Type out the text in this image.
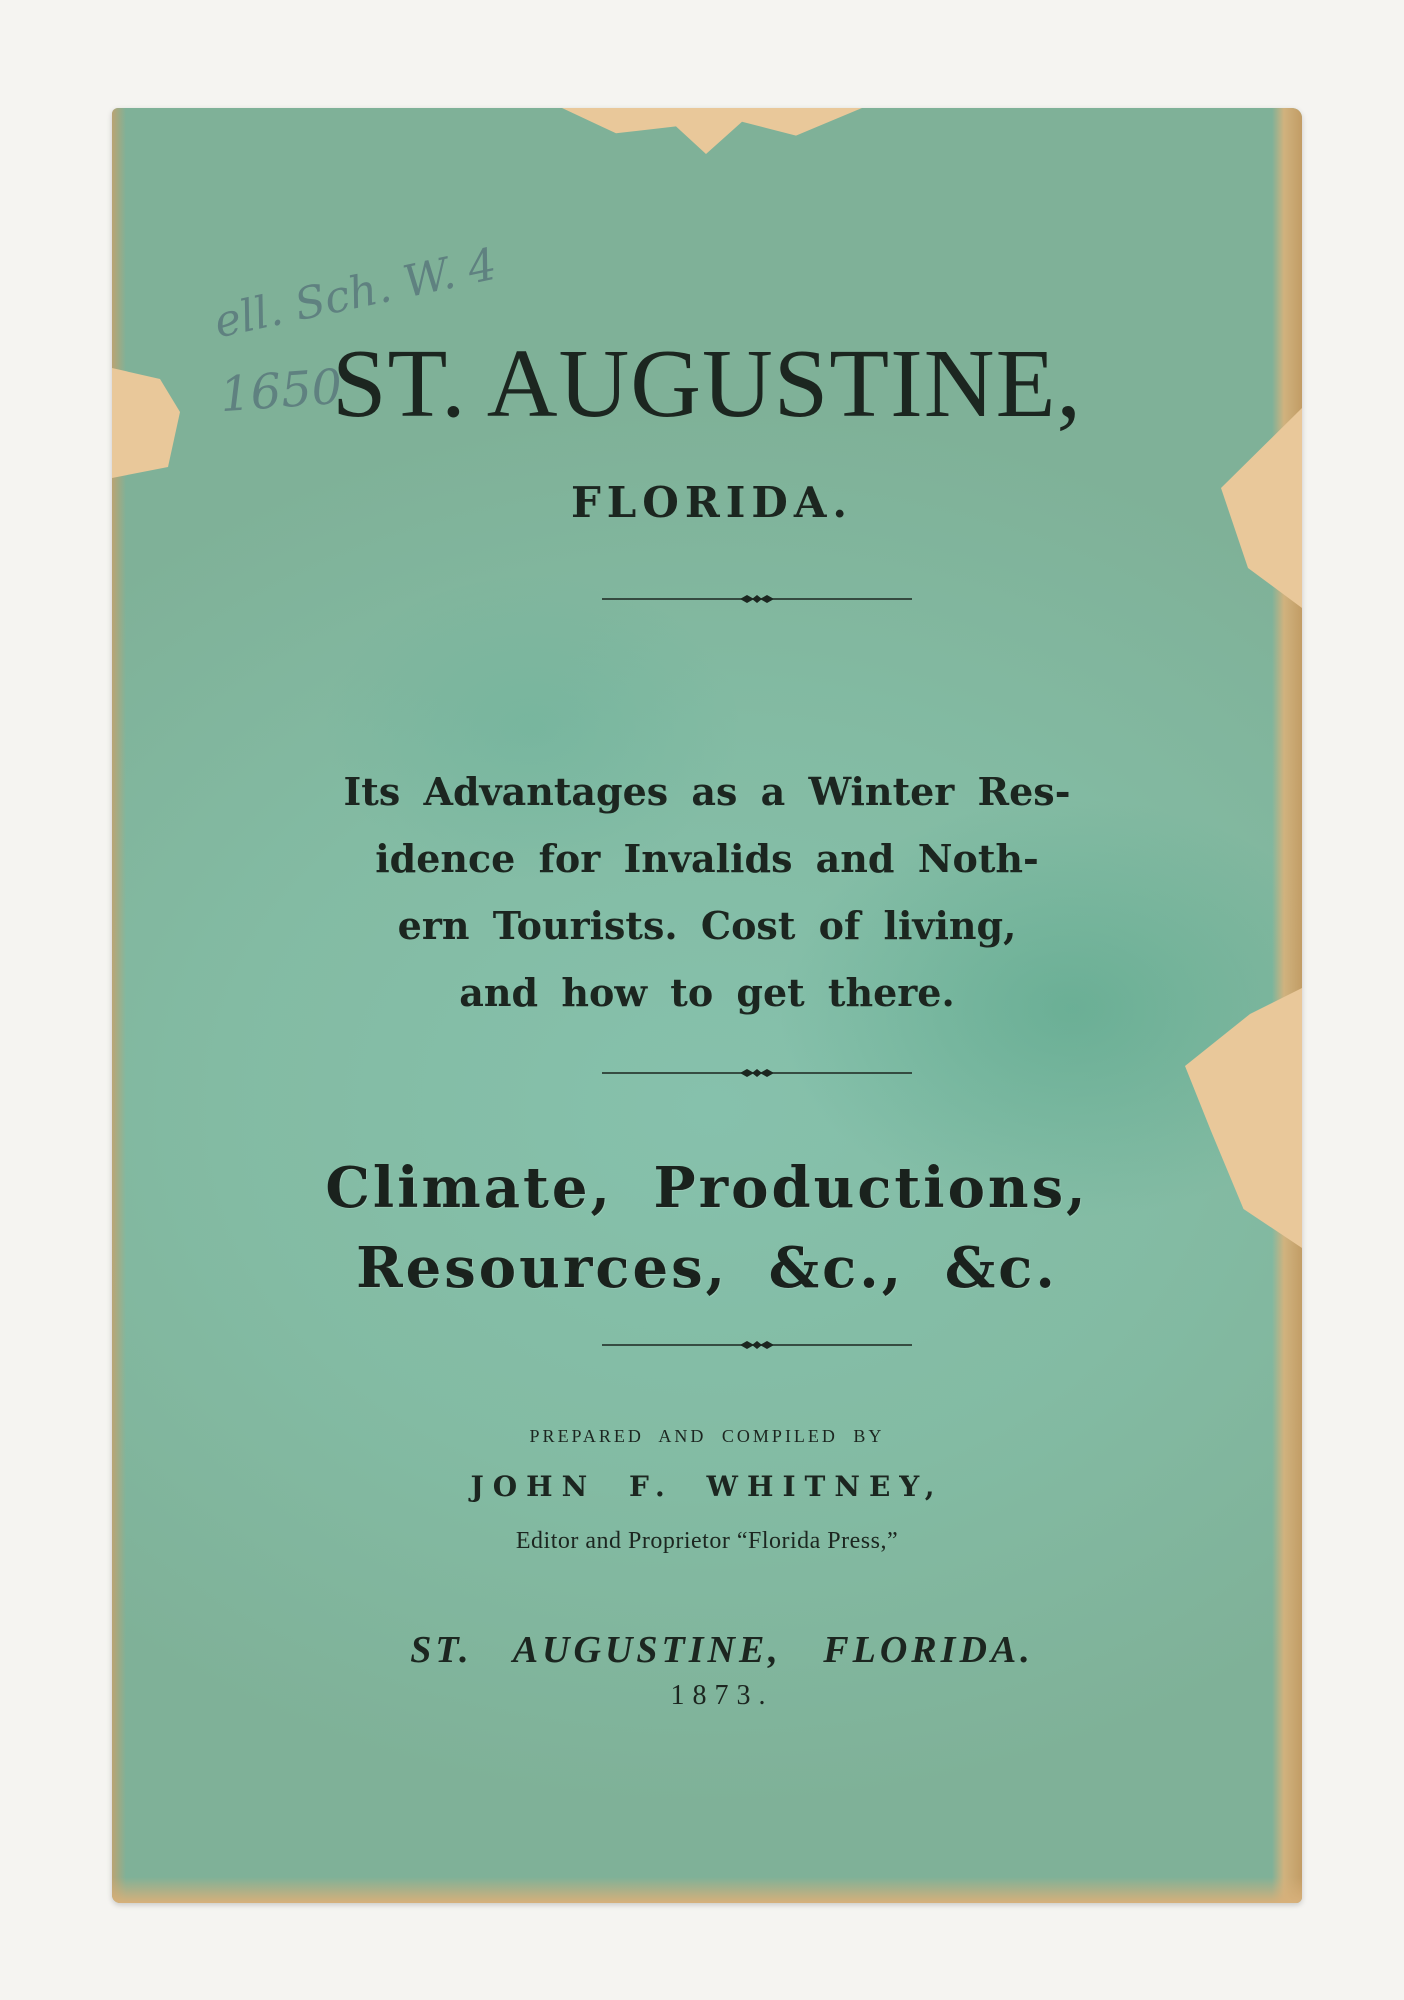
ell. Sch. W. 4
1650
ST. AUGUSTINE,
FLORIDA.
Its Advantages as a Winter Res-
idence for Invalids and Noth-
ern Tourists. Cost of living,
and how to get there.
Climate, Productions,
Resources, &c., &c.
PREPARED AND COMPILED BY
JOHN F. WHITNEY,
Editor and Proprietor “Florida Press,”
ST. AUGUSTINE, FLORIDA.
1873.
